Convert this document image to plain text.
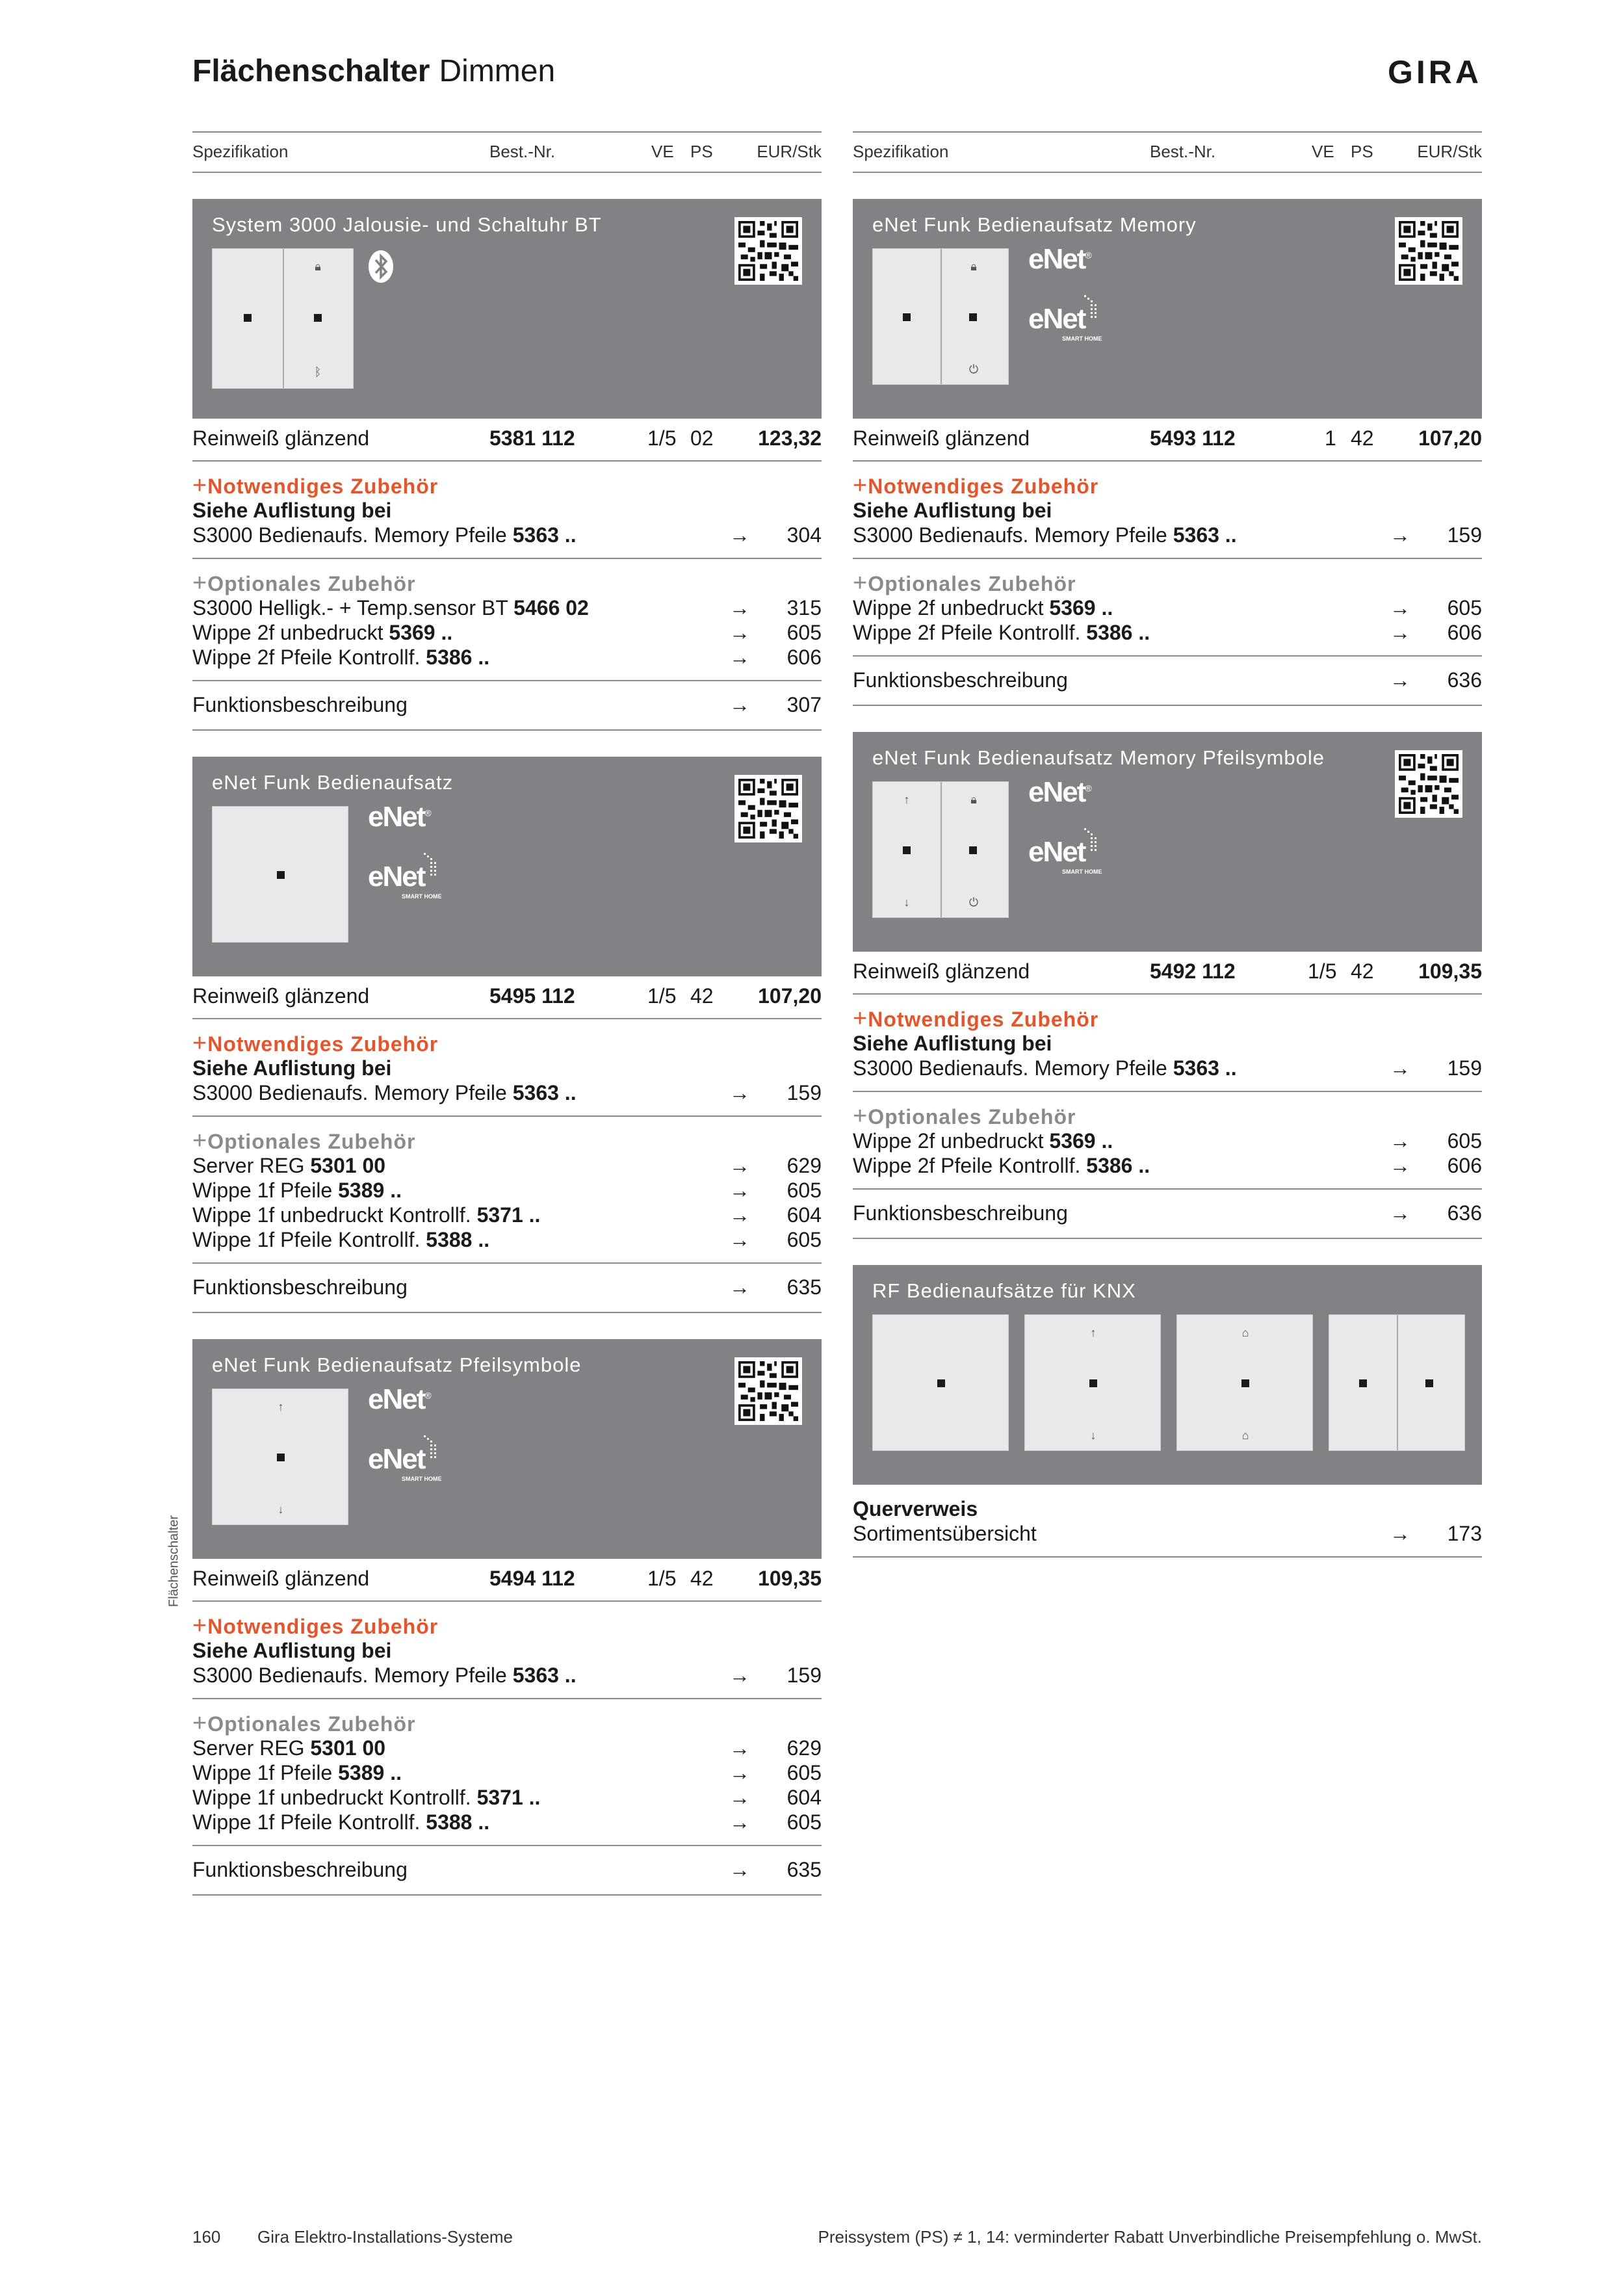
Flächenschalter Dimmen	GIRA
Flächenschalter
Spezifikation	Best.-Nr.	VE PS	EUR/Stk
System 3000 Jalousie- und Schaltuhr BT
🔒︎
ᛒ
Reinweiß glänzend	5381 112	1/5 02 123,32
+Notwendiges Zubehör
Siehe Auflistung bei
S3000 Bedienaufs. Memory Pfeile 5363 ..	→ 304
+Optionales Zubehör
S3000 Helligk.- + Temp.sensor BT 5466 02	→ 315
Wippe 2f unbedruckt 5369 ..	→ 605
Wippe 2f Pfeile Kontrollf. 5386 ..	→ 606
Funktionsbeschreibung	→ 307
eNet Funk Bedienaufsatz
eNet®
eNet
SMART HOME
Reinweiß glänzend	5495 112	1/5 42 107,20
+Notwendiges Zubehör
Siehe Auflistung bei
S3000 Bedienaufs. Memory Pfeile 5363 ..	→ 159
+Optionales Zubehör
Server REG 5301 00	→ 629
Wippe 1f Pfeile 5389 ..	→ 605
Wippe 1f unbedruckt Kontrollf. 5371 ..	→ 604
Wippe 1f Pfeile Kontrollf. 5388 ..	→ 605
Funktionsbeschreibung	→ 635
eNet Funk Bedienaufsatz Pfeilsymbole
↑
↓
eNet®
eNet
SMART HOME
Reinweiß glänzend	5494 112	1/5 42 109,35
+Notwendiges Zubehör
Siehe Auflistung bei
S3000 Bedienaufs. Memory Pfeile 5363 ..	→ 159
+Optionales Zubehör
Server REG 5301 00	→ 629
Wippe 1f Pfeile 5389 ..	→ 605
Wippe 1f unbedruckt Kontrollf. 5371 ..	→ 604
Wippe 1f Pfeile Kontrollf. 5388 ..	→ 605
Funktionsbeschreibung	→ 635
Spezifikation	Best.-Nr.	VE PS	EUR/Stk
eNet Funk Bedienaufsatz Memory
🔒︎
⏻
eNet®
eNet
SMART HOME
Reinweiß glänzend	5493 112	1 42 107,20
+Notwendiges Zubehör
Siehe Auflistung bei
S3000 Bedienaufs. Memory Pfeile 5363 ..	→ 159
+Optionales Zubehör
Wippe 2f unbedruckt 5369 ..	→ 605
Wippe 2f Pfeile Kontrollf. 5386 ..	→ 606
Funktionsbeschreibung	→ 636
eNet Funk Bedienaufsatz Memory Pfeilsymbole
↑	🔒︎
↓	⏻
eNet®
eNet
SMART HOME
Reinweiß glänzend	5492 112	1/5 42 109,35
+Notwendiges Zubehör
Siehe Auflistung bei
S3000 Bedienaufs. Memory Pfeile 5363 ..	→ 159
+Optionales Zubehör
Wippe 2f unbedruckt 5369 ..	→ 605
Wippe 2f Pfeile Kontrollf. 5386 ..	→ 606
Funktionsbeschreibung	→ 636
RF Bedienaufsätze für KNX
↑
↓
⌂
⌂
Querverweis
Sortimentsübersicht	→ 173
160 Gira Elektro-Installations-Systeme	Preissystem (PS) ≠ 1, 14: verminderter Rabatt Unverbindliche Preisempfehlung o. MwSt.
